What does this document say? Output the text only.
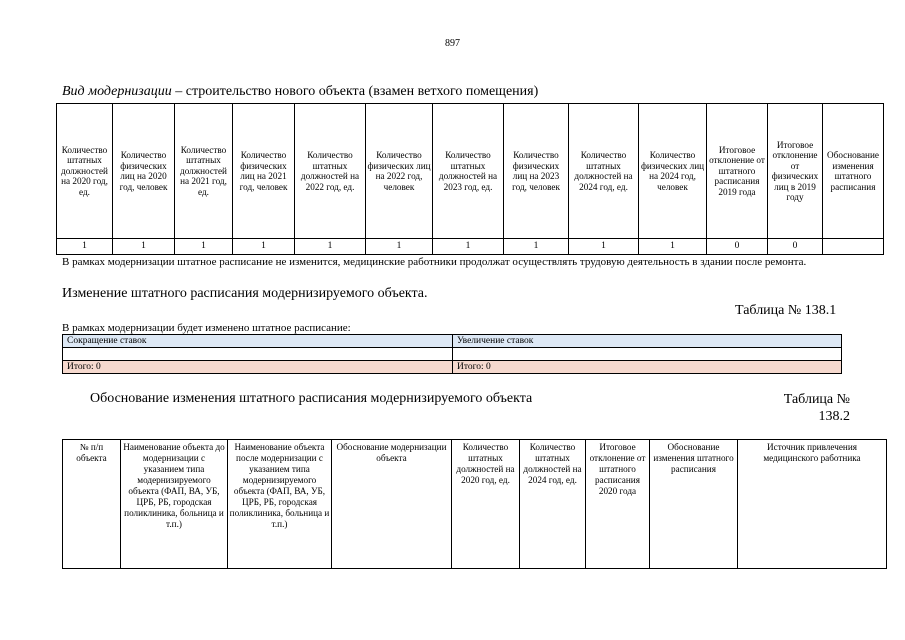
897
Вид модернизации – строительство нового объекта (взамен ветхого помещения)
Количество штатных должностей на 2020 год, ед.	Количество физических лиц на 2020 год, человек	Количество штатных должностей на 2021 год, ед.	Количество физических лиц на 2021 год, человек	Количество штатных должностей на 2022 год, ед.	Количество физических лиц на 2022 год, человек	Количество штатных должностей на 2023 год, ед.	Количество физических лиц на 2023 год, человек	Количество штатных должностей на 2024 год, ед.	Количество физических лиц на 2024 год, человек	Итоговое отклонение от штатного расписания 2019 года	Итоговое отклонение от физических лиц в 2019 году	Обоснование изменения штатного расписания
1	1	1	1	1	1	1	1	1	1	0	0	
В рамках модернизации штатное расписание не изменится, медицинские работники продолжат осуществлять трудовую деятельность в здании после ремонта.
Изменение штатного расписания модернизируемого объекта.
Таблица № 138.1
В рамках модернизации будет изменено штатное расписание:
Сокращение ставок	Увеличение ставок

Итого: 0	Итого: 0
Обоснование изменения штатного расписания модернизируемого объекта	Таблица № 138.2
№ п/п объекта	Наименование объекта до модернизации с указанием типа модернизируемого объекта (ФАП, ВА, УБ, ЦРБ, РБ, городская поликлиника, больница и т.п.)	Наименование объекта после модернизации с указанием типа модернизируемого объекта (ФАП, ВА, УБ, ЦРБ, РБ, городская поликлиника, больница и т.п.)	Обоснование модернизации объекта	Количество штатных должностей на 2020 год, ед.	Количество штатных должностей на 2024 год, ед.	Итоговое отклонение от штатного расписания 2020 года	Обоснование изменения штатного расписания	Источник привлечения медицинского работника
